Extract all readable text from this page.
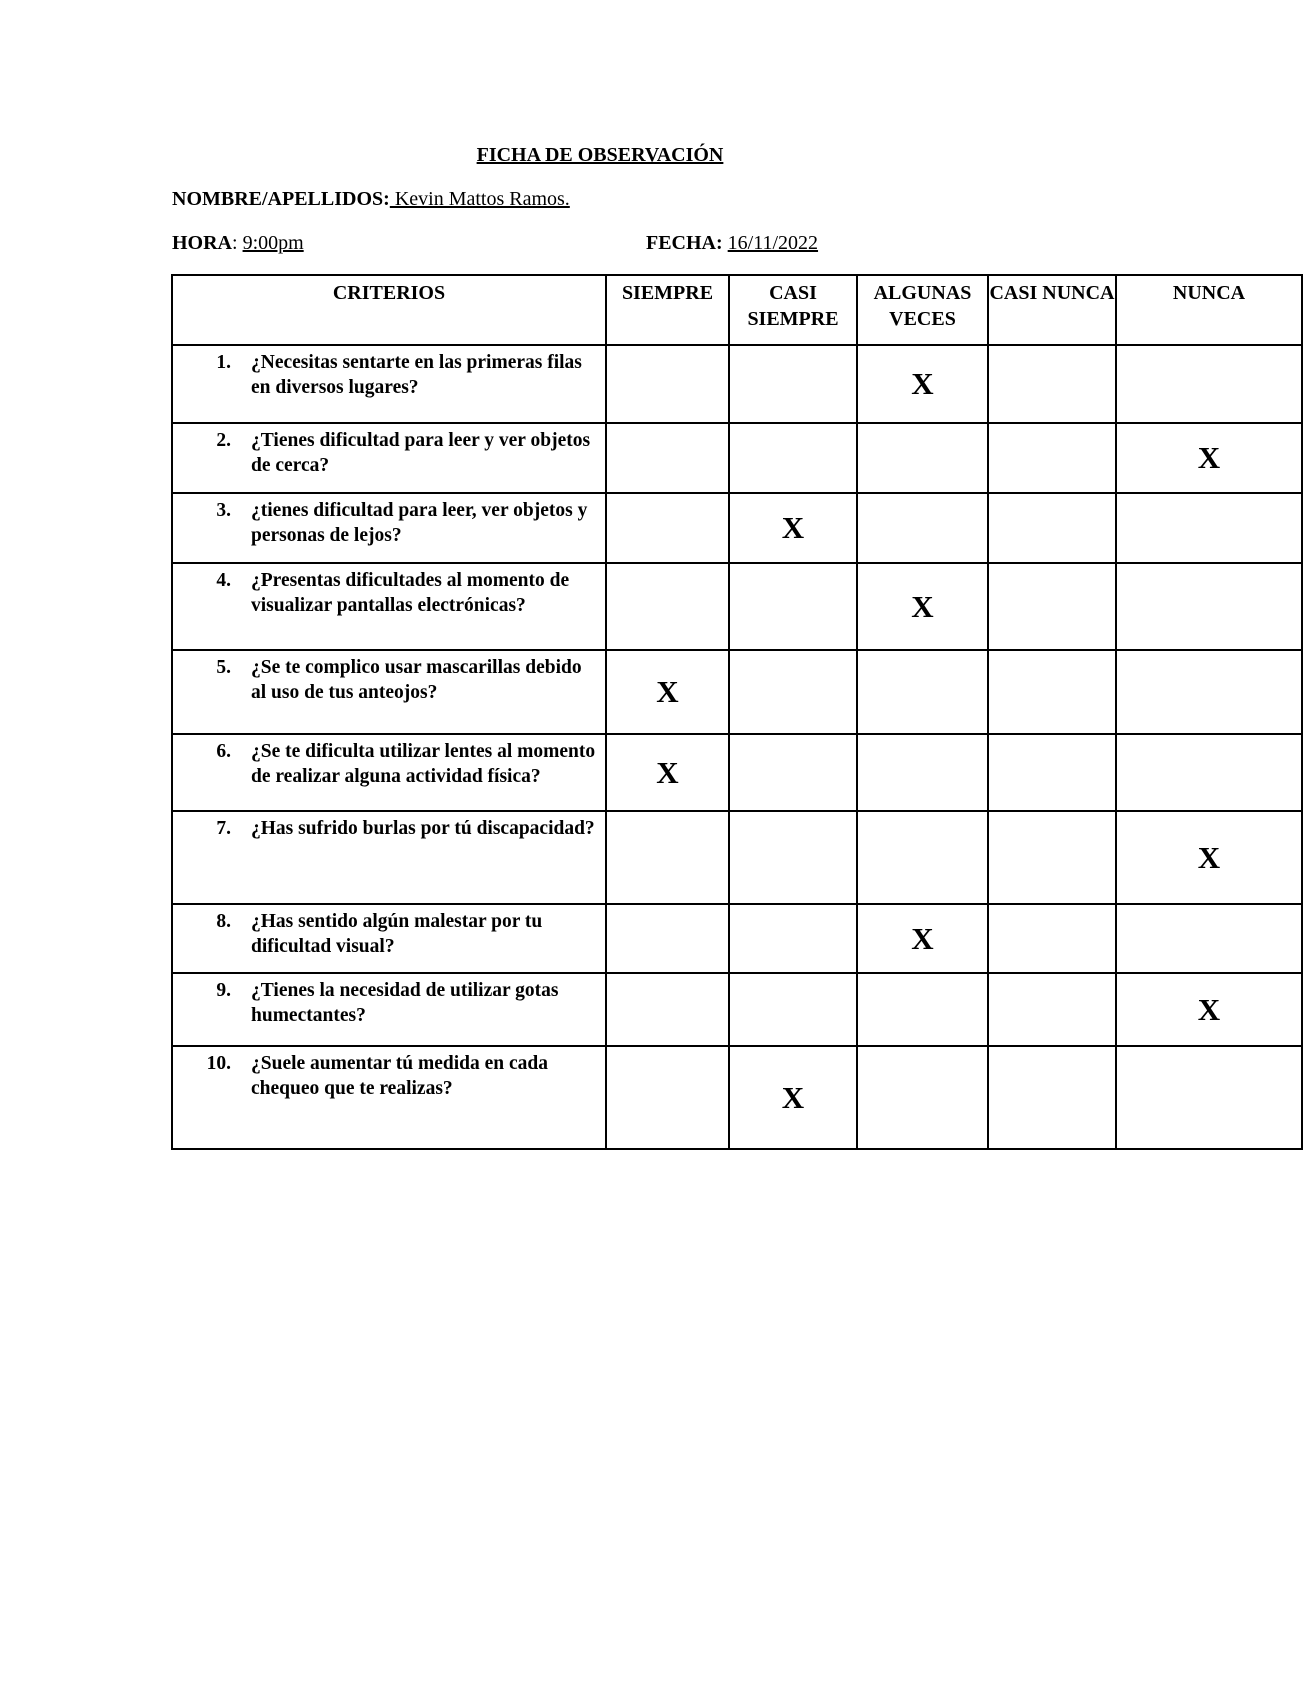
FICHA DE OBSERVACIÓN
NOMBRE/APELLIDOS: Kevin Mattos Ramos.
HORA: 9:00pm	FECHA: 16/11/2022
CRITERIOS	SIEMPRE	CASI SIEMPRE	ALGUNAS VECES	CASI NUNCA	NUNCA

1. ¿Necesitas sentarte en las primeras filas en diversos lugares?			X		

2. ¿Tienes dificultad para leer y ver objetos de cerca?					X

3. ¿tienes dificultad para leer, ver objetos y personas de lejos?		X			

4. ¿Presentas dificultades al momento de visualizar pantallas electrónicas?			X		

5. ¿Se te complico usar mascarillas debido al uso de tus anteojos?	X				

6. ¿Se te dificulta utilizar lentes al momento de realizar alguna actividad física?	X				

7. ¿Has sufrido burlas por tú discapacidad?					X

8. ¿Has sentido algún malestar por tu dificultad visual?			X		

9. ¿Tienes la necesidad de utilizar gotas humectantes?					X

10. ¿Suele aumentar tú medida en cada chequeo que te realizas?		X			
